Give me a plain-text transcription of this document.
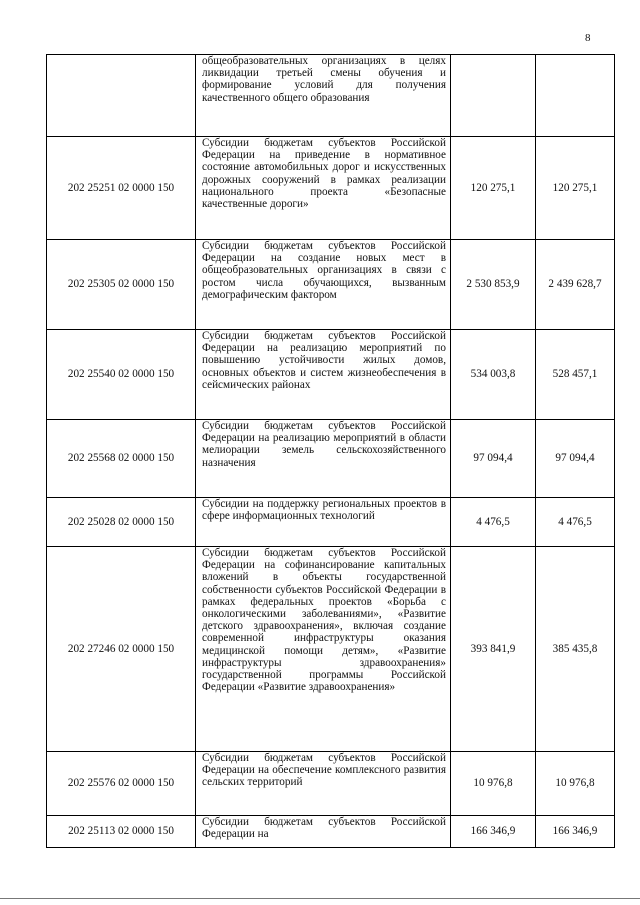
8
	общеобразовательных организациях в целях ликвидации третьей смены обучения и формирование условий для получения качественного общего образования		
202 25251 02 0000 150	Субсидии бюджетам субъектов Российской Федерации на приведение в нормативное состояние автомобильных дорог и искусственных дорожных сооружений в рамках реализации национального проекта «Безопасные качественные дороги»	120 275,1	120 275,1
202 25305 02 0000 150	Субсидии бюджетам субъектов Российской Федерации на создание новых мест в общеобразовательных организациях в связи с ростом числа обучающихся, вызванным демографическим фактором	2 530 853,9	2 439 628,7
202 25540 02 0000 150	Субсидии бюджетам субъектов Российской Федерации на реализацию мероприятий по повышению устойчивости жилых домов, основных объектов и систем жизнеобеспечения в сейсмических районах	534 003,8	528 457,1
202 25568 02 0000 150	Субсидии бюджетам субъектов Российской Федерации на реализацию мероприятий в области мелиорации земель сельскохозяйственного назначения	97 094,4	97 094,4
202 25028 02 0000 150	Субсидии на поддержку региональных проектов в сфере информационных технологий	4 476,5	4 476,5
202 27246 02 0000 150	Субсидии бюджетам субъектов Российской Федерации на софинансирование капитальных вложений в объекты государственной собственности субъектов Российской Федерации в рамках федеральных проектов «Борьба с онкологическими заболеваниями», «Развитие детского здравоохранения», включая создание современной инфраструктуры оказания медицинской помощи детям», «Развитие инфраструктуры здравоохранения» государственной программы Российской Федерации «Развитие здравоохранения»	393 841,9	385 435,8
202 25576 02 0000 150	Субсидии бюджетам субъектов Российской Федерации на обеспечение комплексного развития сельских территорий	10 976,8	10 976,8
202 25113 02 0000 150	Субсидии бюджетам субъектов Российской Федерации на	166 346,9	166 346,9
